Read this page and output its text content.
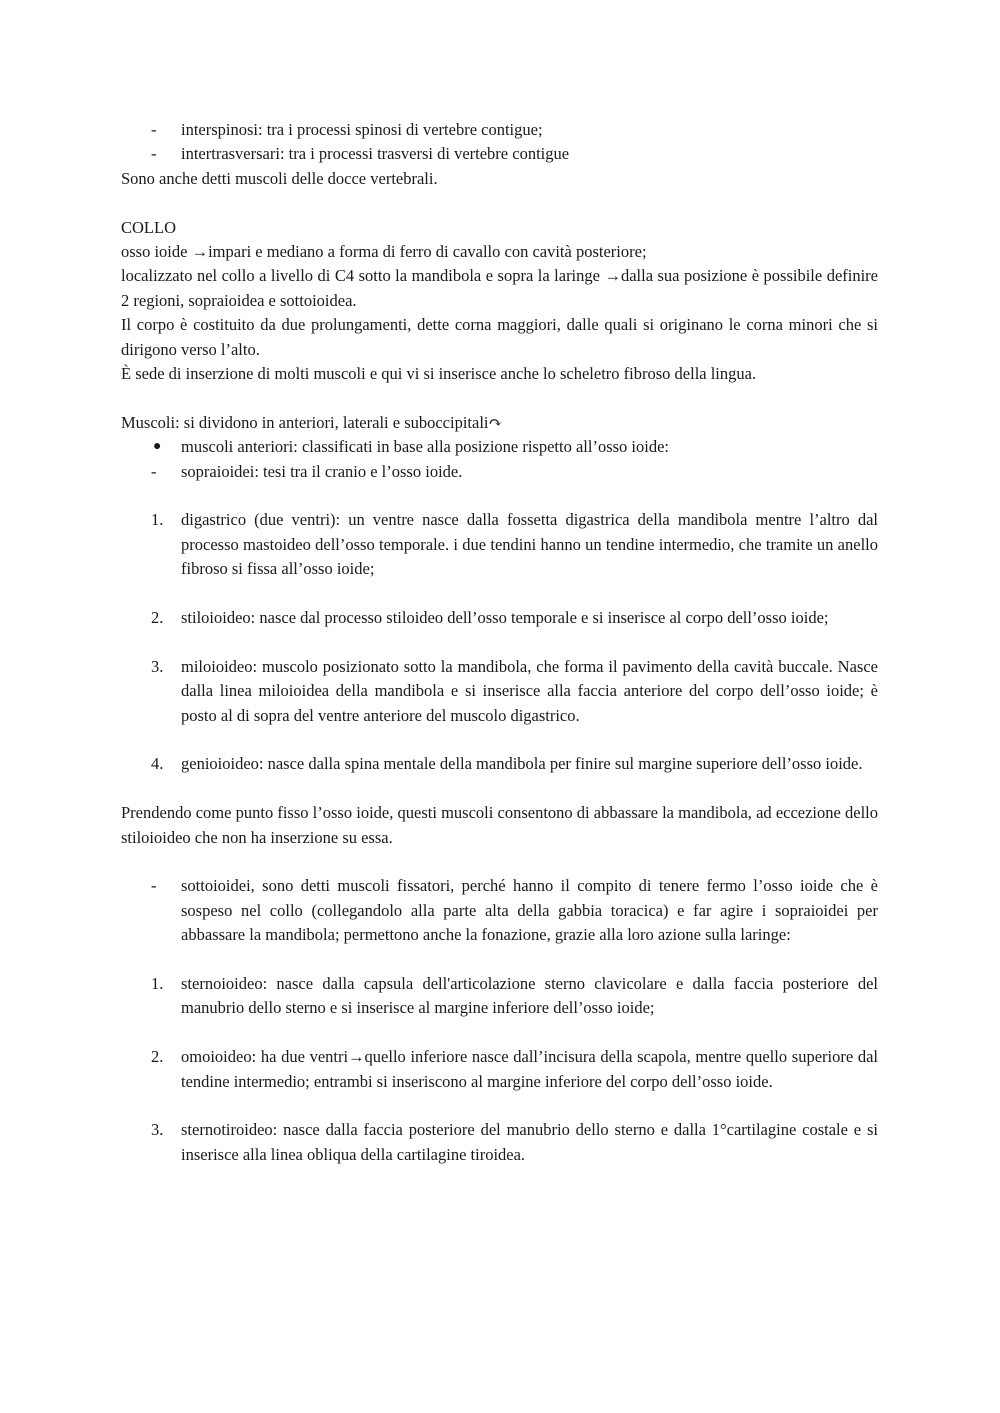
- interspinosi: tra i processi spinosi di vertebre contigue;
- intertrasversari: tra i processi trasversi di vertebre contigue

Sono anche detti muscoli delle docce vertebrali.

COLLO

osso ioide →impari e mediano a forma di ferro di cavallo con cavità posteriore;

localizzato nel collo a livello di C4 sotto la mandibola e sopra la laringe →dalla sua posizione è possibile definire 2 regioni, sopraioidea e sottoioidea.

Il corpo è costituito da due prolungamenti, dette corna maggiori, dalle quali si originano le corna minori che si dirigono verso l’alto.

È sede di inserzione di molti muscoli e qui vi si inserisce anche lo scheletro fibroso della lingua.

Muscoli: si dividono in anteriori, laterali e suboccipitali↷

● muscoli anteriori: classificati in base alla posizione rispetto all’osso ioide:
- sopraioidei: tesi tra il cranio e l’osso ioide.
1. digastrico (due ventri): un ventre nasce dalla fossetta digastrica della mandibola mentre l’altro dal processo mastoideo dell’osso temporale. i due tendini hanno un tendine intermedio, che tramite un anello fibroso si fissa all’osso ioide;
2. stiloioideo: nasce dal processo stiloideo dell’osso temporale e si inserisce al corpo dell’osso ioide;
3. miloioideo: muscolo posizionato sotto la mandibola, che forma il pavimento della cavità buccale. Nasce dalla linea miloioidea della mandibola e si inserisce alla faccia anteriore del corpo dell’osso ioide; è posto al di sopra del ventre anteriore del muscolo digastrico.
4. genioioideo: nasce dalla spina mentale della mandibola per finire sul margine superiore dell’osso ioide.

Prendendo come punto fisso l’osso ioide, questi muscoli consentono di abbassare la mandibola, ad eccezione dello stiloioideo che non ha inserzione su essa.

- sottoioidei, sono detti muscoli fissatori, perché hanno il compito di tenere fermo l’osso ioide che è sospeso nel collo (collegandolo alla parte alta della gabbia toracica) e far agire i sopraioidei per abbassare la mandibola; permettono anche la fonazione, grazie alla loro azione sulla laringe:
1. sternoioideo: nasce dalla capsula dell'articolazione sterno clavicolare e dalla faccia posteriore del manubrio dello sterno e si inserisce al margine inferiore dell’osso ioide;
2. omoioideo: ha due ventri→quello inferiore nasce dall’incisura della scapola, mentre quello superiore dal tendine intermedio; entrambi si inseriscono al margine inferiore del corpo dell’osso ioide.
3. sternotiroideo: nasce dalla faccia posteriore del manubrio dello sterno e dalla 1°cartilagine costale e si inserisce alla linea obliqua della cartilagine tiroidea.
